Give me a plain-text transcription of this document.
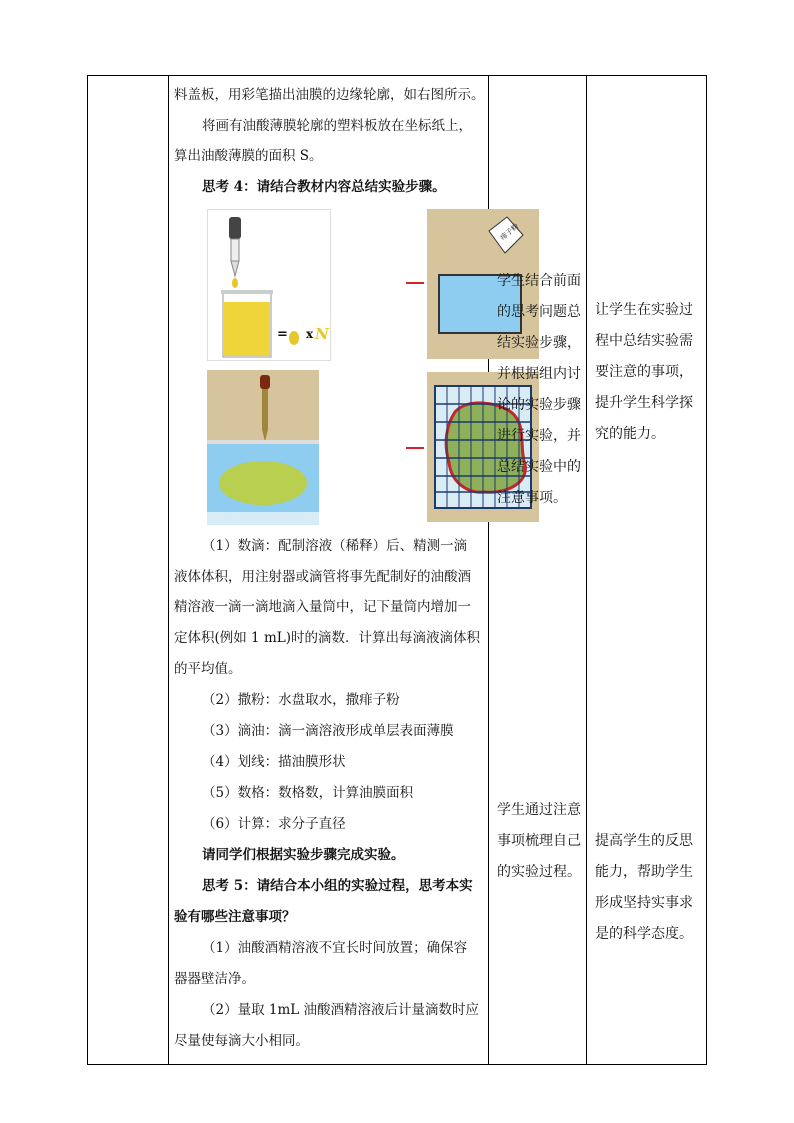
料盖板，用彩笔描出油膜的边缘轮廓，如右图所示。
将画有油酸薄膜轮廓的塑料板放在坐标纸上，
算出油酸薄膜的面积 S。
思考 4：请结合教材内容总结实验步骤。
= x N
痱子粉
（1）数滴：配制溶液（稀释）后、精测一滴
液体体积，用注射器或滴管将事先配制好的油酸酒
精溶液一滴一滴地滴入量筒中，记下量筒内增加一
定体积(例如 1 mL)时的滴数．计算出每滴液滴体积
的平均值。
（2）撒粉：水盘取水，撒痱子粉
（3）滴油：滴一滴溶液形成单层表面薄膜
（4）划线：描油膜形状
（5）数格：数格数，计算油膜面积
（6）计算：求分子直径
请同学们根据实验步骤完成实验。
思考 5：请结合本小组的实验过程，思考本实
验有哪些注意事项？
（1）油酸酒精溶液不宜长时间放置；确保容
器器壁洁净。
（2）量取 1mL 油酸酒精溶液后计量滴数时应
尽量使每滴大小相同。
学生结合前面
的思考问题总
结实验步骤，
并根据组内讨
论的实验步骤
进行实验，并
总结实验中的
注意事项。
学生通过注意
事项梳理自己
的实验过程。
让学生在实验过
程中总结实验需
要注意的事项，
提升学生科学探
究的能力。
提高学生的反思
能力，帮助学生
形成坚持实事求
是的科学态度。
